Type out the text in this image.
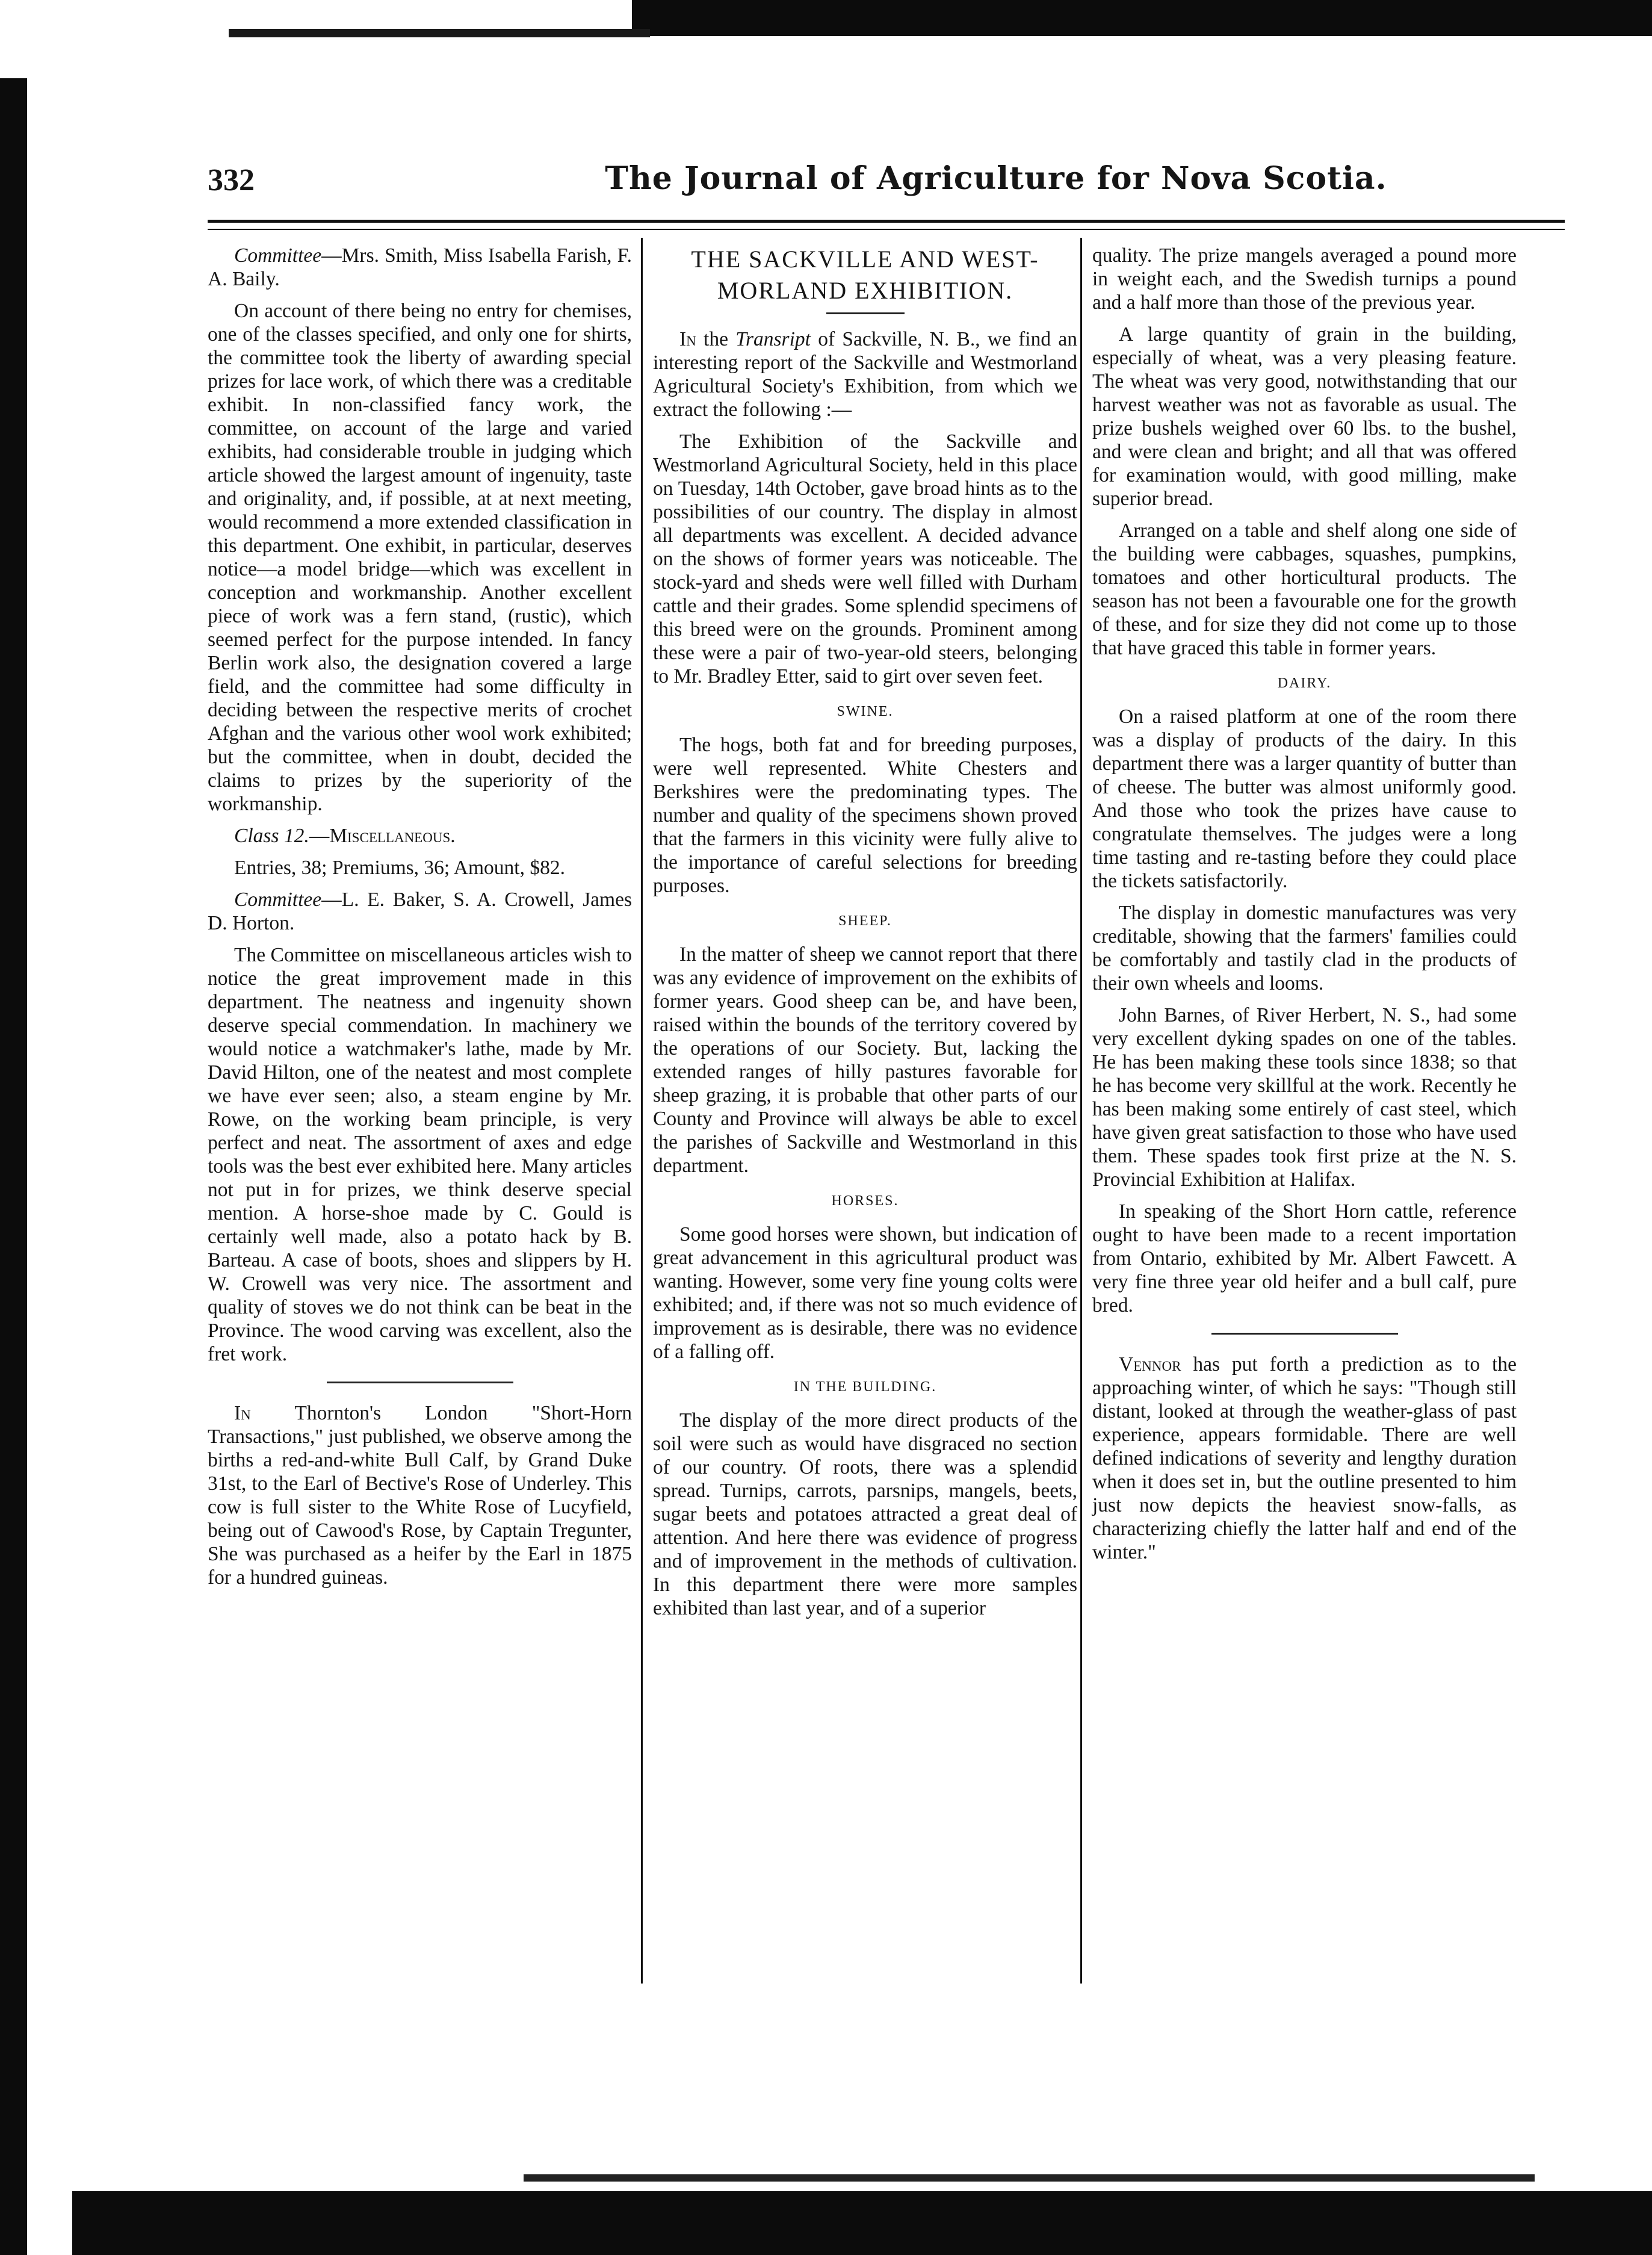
332	The Journal of Agriculture for Nova Scotia.

Committee—Mrs. Smith, Miss Isabella Farish, F. A. Baily.

On account of there being no entry for chemises, one of the classes specified, and only one for shirts, the committee took the liberty of awarding special prizes for lace work, of which there was a creditable exhibit. In non-classified fancy work, the committee, on account of the large and varied exhibits, had considerable trouble in judging which article showed the largest amount of ingenuity, taste and originality, and, if possible, at at next meeting, would recommend a more extended classification in this department. One exhibit, in particular, deserves notice—a model bridge—which was excellent in conception and workmanship. Another excellent piece of work was a fern stand, (rustic), which seemed perfect for the purpose intended. In fancy Berlin work also, the designation covered a large field, and the committee had some difficulty in deciding between the respective merits of crochet Afghan and the various other wool work exhibited; but the committee, when in doubt, decided the claims to prizes by the superiority of the workmanship.

Class 12.—Miscellaneous.

Entries, 38; Premiums, 36; Amount, $82.

Committee—L. E. Baker, S. A. Crowell, James D. Horton.

The Committee on miscellaneous articles wish to notice the great improvement made in this department. The neatness and ingenuity shown deserve special commendation. In machinery we would notice a watchmaker's lathe, made by Mr. David Hilton, one of the neatest and most complete we have ever seen; also, a steam engine by Mr. Rowe, on the working beam principle, is very perfect and neat. The assortment of axes and edge tools was the best ever exhibited here. Many articles not put in for prizes, we think deserve special mention. A horse-shoe made by C. Gould is certainly well made, also a potato hack by B. Barteau. A case of boots, shoes and slippers by H. W. Crowell was very nice. The assortment and quality of stoves we do not think can be beat in the Province. The wood carving was excellent, also the fret work.

In Thornton's London "Short-Horn Transactions," just published, we observe among the births a red-and-white Bull Calf, by Grand Duke 31st, to the Earl of Bective's Rose of Underley. This cow is full sister to the White Rose of Lucyfield, being out of Cawood's Rose, by Captain Tregunter, She was purchased as a heifer by the Earl in 1875 for a hundred guineas.

THE SACKVILLE AND WEST-
MORLAND EXHIBITION.

In the Transript of Sackville, N. B., we find an interesting report of the Sackville and Westmorland Agricultural Society's Exhibition, from which we extract the following :—

The Exhibition of the Sackville and Westmorland Agricultural Society, held in this place on Tuesday, 14th October, gave broad hints as to the possibilities of our country. The display in almost all departments was excellent. A decided advance on the shows of former years was noticeable. The stock-yard and sheds were well filled with Durham cattle and their grades. Some splendid specimens of this breed were on the grounds. Prominent among these were a pair of two-year-old steers, belonging to Mr. Bradley Etter, said to girt over seven feet.

SWINE.

The hogs, both fat and for breeding purposes, were well represented. White Chesters and Berkshires were the predominating types. The number and quality of the specimens shown proved that the farmers in this vicinity were fully alive to the importance of careful selections for breeding purposes.

SHEEP.

In the matter of sheep we cannot report that there was any evidence of improvement on the exhibits of former years. Good sheep can be, and have been, raised within the bounds of the territory covered by the operations of our Society. But, lacking the extended ranges of hilly pastures favorable for sheep grazing, it is probable that other parts of our County and Province will always be able to excel the parishes of Sackville and Westmorland in this department.

HORSES.

Some good horses were shown, but indication of great advancement in this agricultural product was wanting. However, some very fine young colts were exhibited; and, if there was not so much evidence of improvement as is desirable, there was no evidence of a falling off.

IN THE BUILDING.

The display of the more direct products of the soil were such as would have disgraced no section of our country. Of roots, there was a splendid spread. Turnips, carrots, parsnips, mangels, beets, sugar beets and potatoes attracted a great deal of attention. And here there was evidence of progress and of improvement in the methods of cultivation. In this department there were more samples exhibited than last year, and of a superior

quality. The prize mangels averaged a pound more in weight each, and the Swedish turnips a pound and a half more than those of the previous year.

A large quantity of grain in the building, especially of wheat, was a very pleasing feature. The wheat was very good, notwithstanding that our harvest weather was not as favorable as usual. The prize bushels weighed over 60 lbs. to the bushel, and were clean and bright; and all that was offered for examination would, with good milling, make superior bread.

Arranged on a table and shelf along one side of the building were cabbages, squashes, pumpkins, tomatoes and other horticultural products. The season has not been a favourable one for the growth of these, and for size they did not come up to those that have graced this table in former years.

DAIRY.

On a raised platform at one of the room there was a display of products of the dairy. In this department there was a larger quantity of butter than of cheese. The butter was almost uniformly good. And those who took the prizes have cause to congratulate themselves. The judges were a long time tasting and re-tasting before they could place the tickets satisfactorily.

The display in domestic manufactures was very creditable, showing that the farmers' families could be comfortably and tastily clad in the products of their own wheels and looms.

John Barnes, of River Herbert, N. S., had some very excellent dyking spades on one of the tables. He has been making these tools since 1838; so that he has become very skillful at the work. Recently he has been making some entirely of cast steel, which have given great satisfaction to those who have used them. These spades took first prize at the N. S. Provincial Exhibition at Halifax.

In speaking of the Short Horn cattle, reference ought to have been made to a recent importation from Ontario, exhibited by Mr. Albert Fawcett. A very fine three year old heifer and a bull calf, pure bred.

Vennor has put forth a prediction as to the approaching winter, of which he says: "Though still distant, looked at through the weather-glass of past experience, appears formidable. There are well defined indications of severity and lengthy duration when it does set in, but the outline presented to him just now depicts the heaviest snow-falls, as characterizing chiefly the latter half and end of the winter."
